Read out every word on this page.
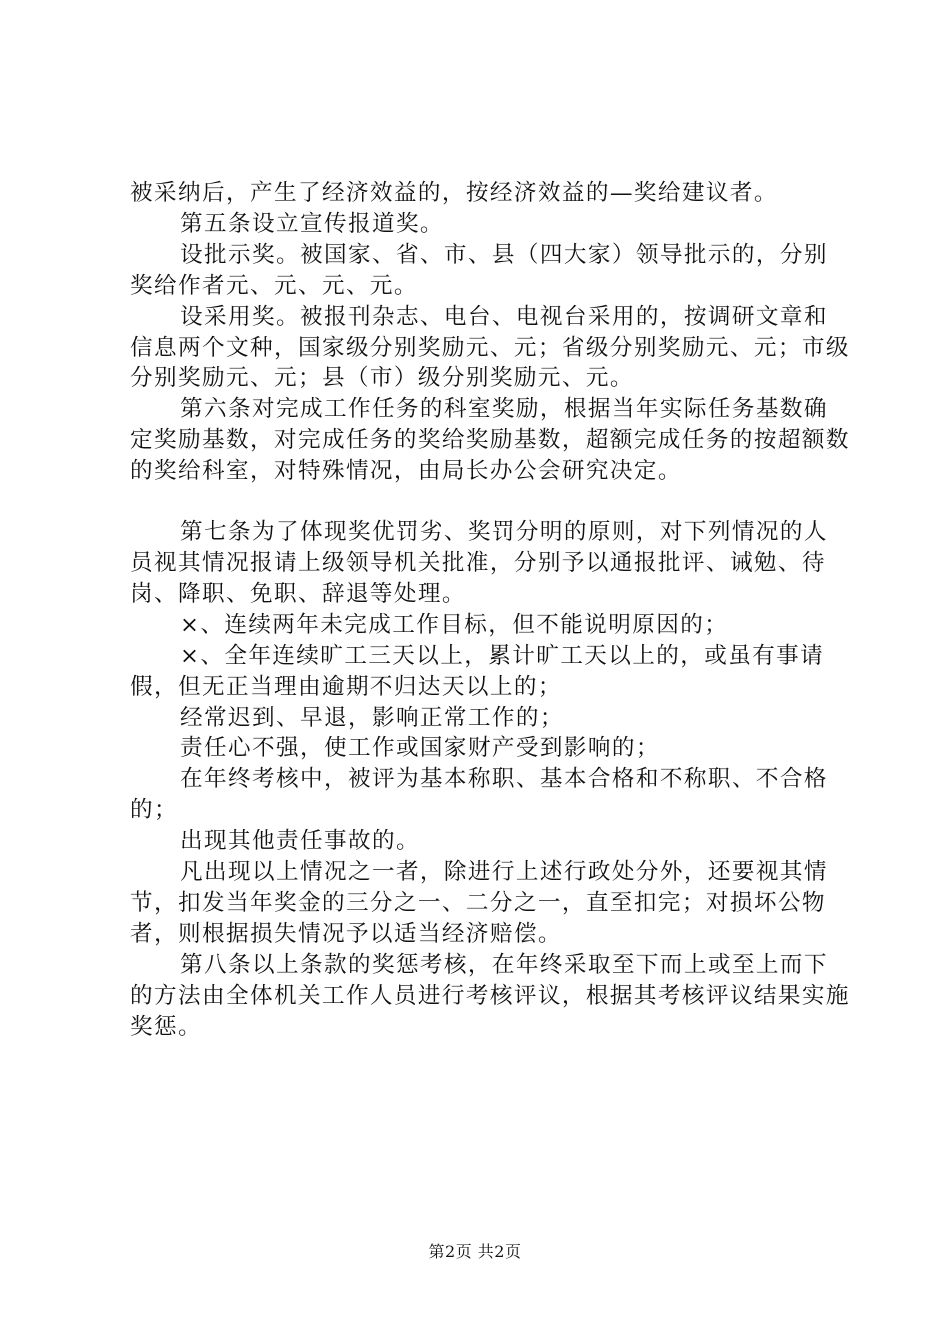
被采纳后，产生了经济效益的，按经济效益的—奖给建议者。

第五条设立宣传报道奖。

设批示奖。被国家、省、市、县（四大家）领导批示的，分别奖给作者元、元、元、元。

设采用奖。被报刊杂志、电台、电视台采用的，按调研文章和信息两个文种，国家级分别奖励元、元；省级分别奖励元、元；市级分别奖励元、元；县（市）级分别奖励元、元。

第六条对完成工作任务的科室奖励，根据当年实际任务基数确定奖励基数，对完成任务的奖给奖励基数，超额完成任务的按超额数的奖给科室，对特殊情况，由局长办公会研究决定。

第七条为了体现奖优罚劣、奖罚分明的原则，对下列情况的人员视其情况报请上级领导机关批准，分别予以通报批评、诫勉、待岗、降职、免职、辞退等处理。

×、连续两年未完成工作目标，但不能说明原因的；

×、全年连续旷工三天以上，累计旷工天以上的，或虽有事请假，但无正当理由逾期不归达天以上的；

经常迟到、早退，影响正常工作的；

责任心不强，使工作或国家财产受到影响的；

在年终考核中，被评为基本称职、基本合格和不称职、不合格的；

出现其他责任事故的。

凡出现以上情况之一者，除进行上述行政处分外，还要视其情节，扣发当年奖金的三分之一、二分之一，直至扣完；对损坏公物者，则根据损失情况予以适当经济赔偿。

第八条以上条款的奖惩考核，在年终采取至下而上或至上而下的方法由全体机关工作人员进行考核评议，根据其考核评议结果实施奖惩。

第2页 共2页
